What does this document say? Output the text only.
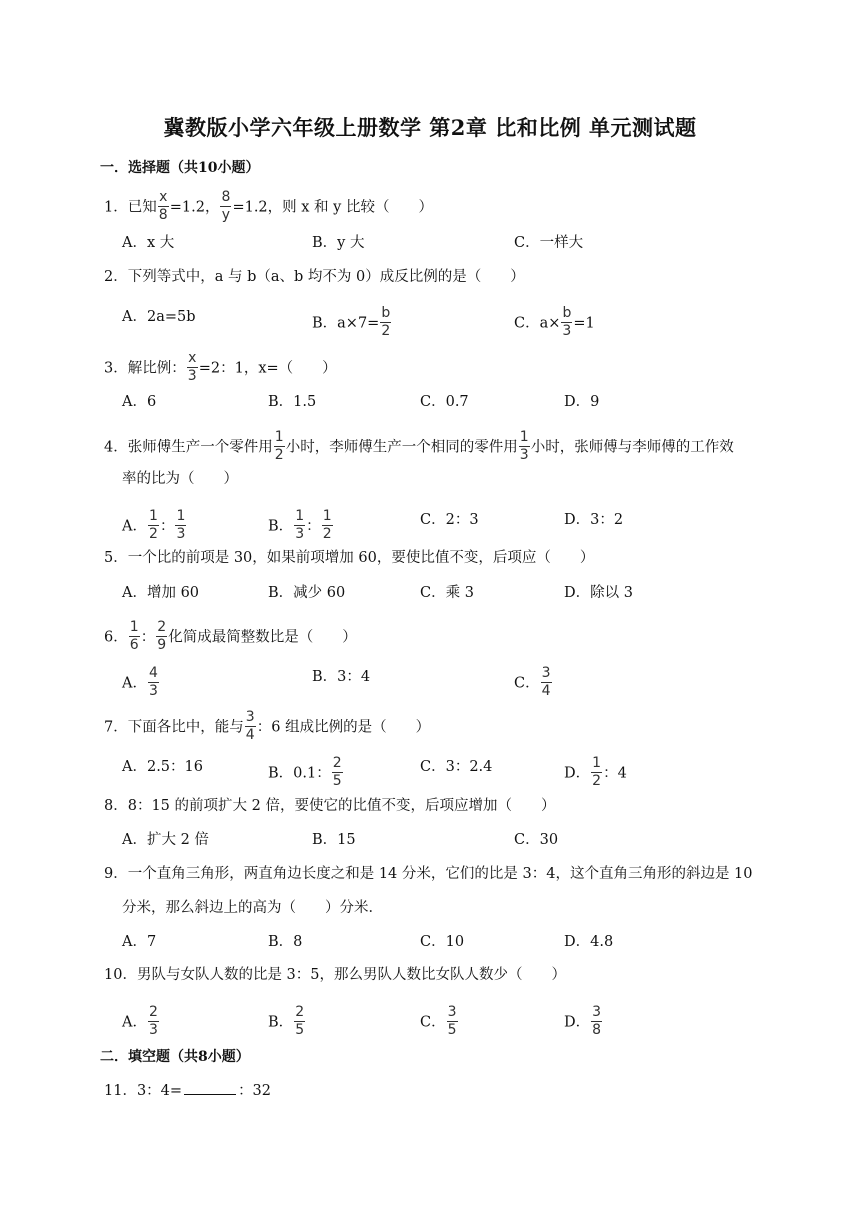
冀教版小学六年级上册数学 第2章 比和比例 单元测试题
一．选择题（共10小题）
1．已知 $\frac{x}{8} =1.2$， $\frac{8}{y} =1.2$，则 x 和 y 比较（　　）
A．x 大	B．y 大	C．一样大
2．下列等式中，a 与 b（a、b 均不为 0）成反比例的是（　　）
A．2a=5b	B．$a\times 7= \frac{b}{2}$	C．$a\times \frac{b}{3} =1$
3．解比例： $\frac{x}{3} =2$：1，x=（　　）
A．6	B．1.5	C．0.7	D．9
4．张师傅生产一个零件用 $\frac{1}{2}$ 小时，李师傅生产一个相同的零件用 $\frac{1}{3}$ 小时，张师傅与李师傅的工作效
率的比为（　　）
A． $\frac{1}{2}$ ： $\frac{1}{3}$	B． $\frac{1}{3}$ ： $\frac{1}{2}$	C．2：3	D．3：2
5．一个比的前项是 30，如果前项增加 60，要使比值不变，后项应（　　）
A．增加 60	B．减少 60	C．乘 3	D．除以 3
6． $\frac{1}{6}$ ： $\frac{2}{9}$ 化简成最简整数比是（　　）
A． $\frac{4}{3}$	B．3：4	C． $\frac{3}{4}$
7．下面各比中，能与 $\frac{3}{4}$ ：6 组成比例的是（　　）
A．2.5：16	B．0.1： $\frac{2}{5}$	C．3：2.4	D． $\frac{1}{2}$ ：4
8．8：15 的前项扩大 2 倍，要使它的比值不变，后项应增加（　　）
A．扩大 2 倍	B．15	C．30
9．一个直角三角形，两直角边长度之和是 14 分米，它们的比是 3：4，这个直角三角形的斜边是 10
分米，那么斜边上的高为（　　）分米．
A．7	B．8	C．10	D．4.8
10．男队与女队人数的比是 3：5，那么男队人数比女队人数少（　　）
A． $\frac{2}{3}$	B． $\frac{2}{5}$	C． $\frac{3}{5}$	D． $\frac{3}{8}$
二．填空题（共8小题）
11．3：4=	：32
